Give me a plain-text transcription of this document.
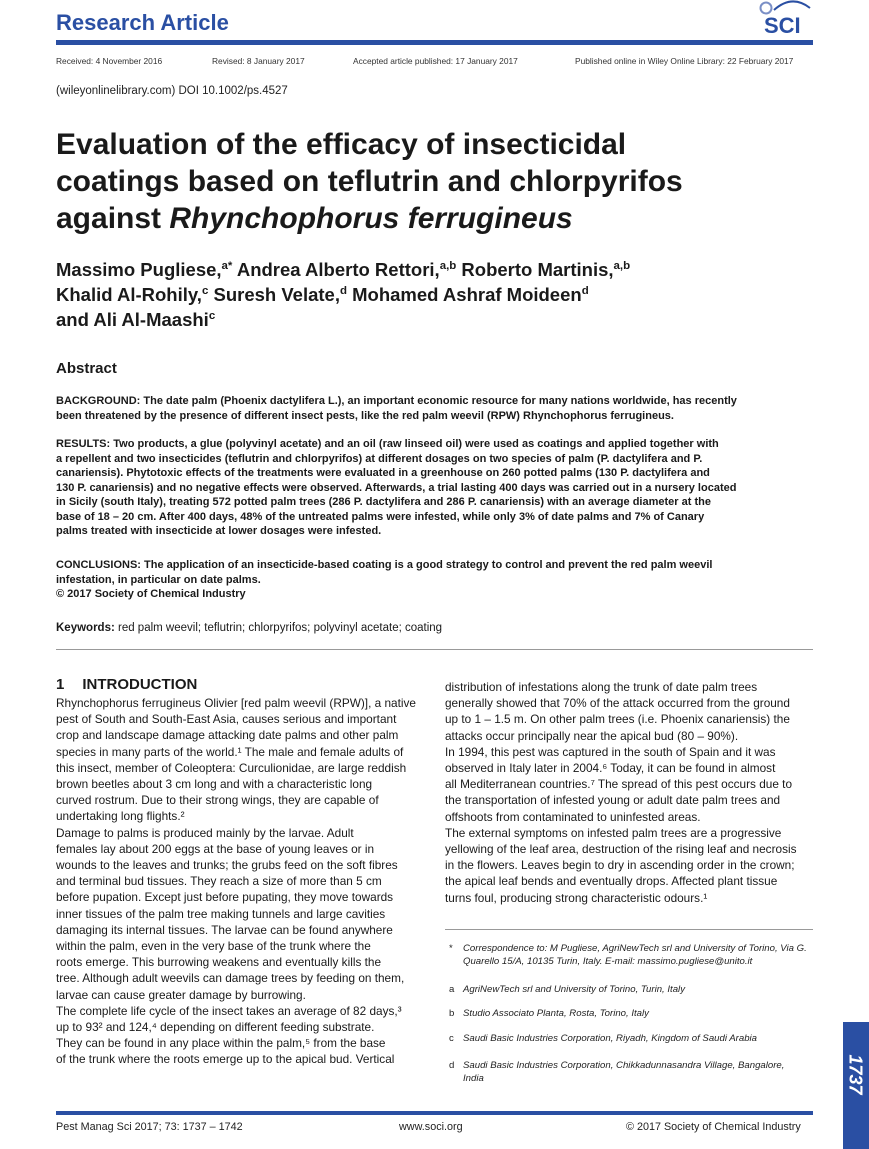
Research Article	SCI
Received: 4 November 2016	Revised: 8 January 2017	Accepted article published: 17 January 2017	Published online in Wiley Online Library: 22 February 2017
(wileyonlinelibrary.com) DOI 10.1002/ps.4527
Evaluation of the efficacy of insecticidal
coatings based on teflutrin and chlorpyrifos
against Rhynchophorus ferrugineus
Massimo Pugliese,$^{a*}$ Andrea Alberto Rettori,$^{a,b}$ Roberto Martinis,$^{a,b}$
Khalid Al-Rohily,$^c$ Suresh Velate,$^d$ Mohamed Ashraf Moideen$^d$
and Ali Al-Maashi$^c$
Abstract
BACKGROUND: The date palm (Phoenix dactylifera L.), an important economic resource for many nations worldwide, has recently
been threatened by the presence of different insect pests, like the red palm weevil (RPW) Rhynchophorus ferrugineus.
RESULTS: Two products, a glue (polyvinyl acetate) and an oil (raw linseed oil) were used as coatings and applied together with
a repellent and two insecticides (teflutrin and chlorpyrifos) at different dosages on two species of palm (P. dactylifera and P.
canariensis). Phytotoxic effects of the treatments were evaluated in a greenhouse on 260 potted palms (130 P. dactylifera and
130 P. canariensis) and no negative effects were observed. Afterwards, a trial lasting 400 days was carried out in a nursery located
in Sicily (south Italy), treating 572 potted palm trees (286 P. dactylifera and 286 P. canariensis) with an average diameter at the
base of 18 – 20 cm. After 400 days, 48% of the untreated palms were infested, while only 3% of date palms and 7% of Canary
palms treated with insecticide at lower dosages were infested.
CONCLUSIONS: The application of an insecticide-based coating is a good strategy to control and prevent the red palm weevil
infestation, in particular on date palms.
© 2017 Society of Chemical Industry
Keywords: red palm weevil; teflutrin; chlorpyrifos; polyvinyl acetate; coating
1 INTRODUCTION
Rhynchophorus ferrugineus Olivier [red palm weevil (RPW)], a native
pest of South and South-East Asia, causes serious and important
crop and landscape damage attacking date palms and other palm
species in many parts of the world.¹ The male and female adults of
this insect, member of Coleoptera: Curculionidae, are large reddish
brown beetles about 3 cm long and with a characteristic long
curved rostrum. Due to their strong wings, they are capable of
undertaking long flights.²
Damage to palms is produced mainly by the larvae. Adult
females lay about 200 eggs at the base of young leaves or in
wounds to the leaves and trunks; the grubs feed on the soft fibres
and terminal bud tissues. They reach a size of more than 5 cm
before pupation. Except just before pupating, they move towards
inner tissues of the palm tree making tunnels and large cavities
damaging its internal tissues. The larvae can be found anywhere
within the palm, even in the very base of the trunk where the
roots emerge. This burrowing weakens and eventually kills the
tree. Although adult weevils can damage trees by feeding on them,
larvae can cause greater damage by burrowing.
The complete life cycle of the insect takes an average of 82 days,³
up to 93² and 124,⁴ depending on different feeding substrate.
They can be found in any place within the palm,⁵ from the base
of the trunk where the roots emerge up to the apical bud. Vertical
distribution of infestations along the trunk of date palm trees
generally showed that 70% of the attack occurred from the ground
up to 1 – 1.5 m. On other palm trees (i.e. Phoenix canariensis) the
attacks occur principally near the apical bud (80 – 90%).
In 1994, this pest was captured in the south of Spain and it was
observed in Italy later in 2004.⁶ Today, it can be found in almost
all Mediterranean countries.⁷ The spread of this pest occurs due to
the transportation of infested young or adult date palm trees and
offshoots from contaminated to uninfested areas.
The external symptoms on infested palm trees are a progressive
yellowing of the leaf area, destruction of the rising leaf and necrosis
in the flowers. Leaves begin to dry in ascending order in the crown;
the apical leaf bends and eventually drops. Affected plant tissue
turns foul, producing strong characteristic odours.¹
* Correspondence to: M Pugliese, AgriNewTech srl and University of Torino, Via G.
Quarello 15/A, 10135 Turin, Italy. E-mail: massimo.pugliese@unito.it
a AgriNewTech srl and University of Torino, Turin, Italy
b Studio Associato Planta, Rosta, Torino, Italy
c Saudi Basic Industries Corporation, Riyadh, Kingdom of Saudi Arabia
d Saudi Basic Industries Corporation, Chikkadunnasandra Village, Bangalore,
India	1737
Pest Manag Sci 2017; 73: 1737 – 1742	www.soci.org	© 2017 Society of Chemical Industry
